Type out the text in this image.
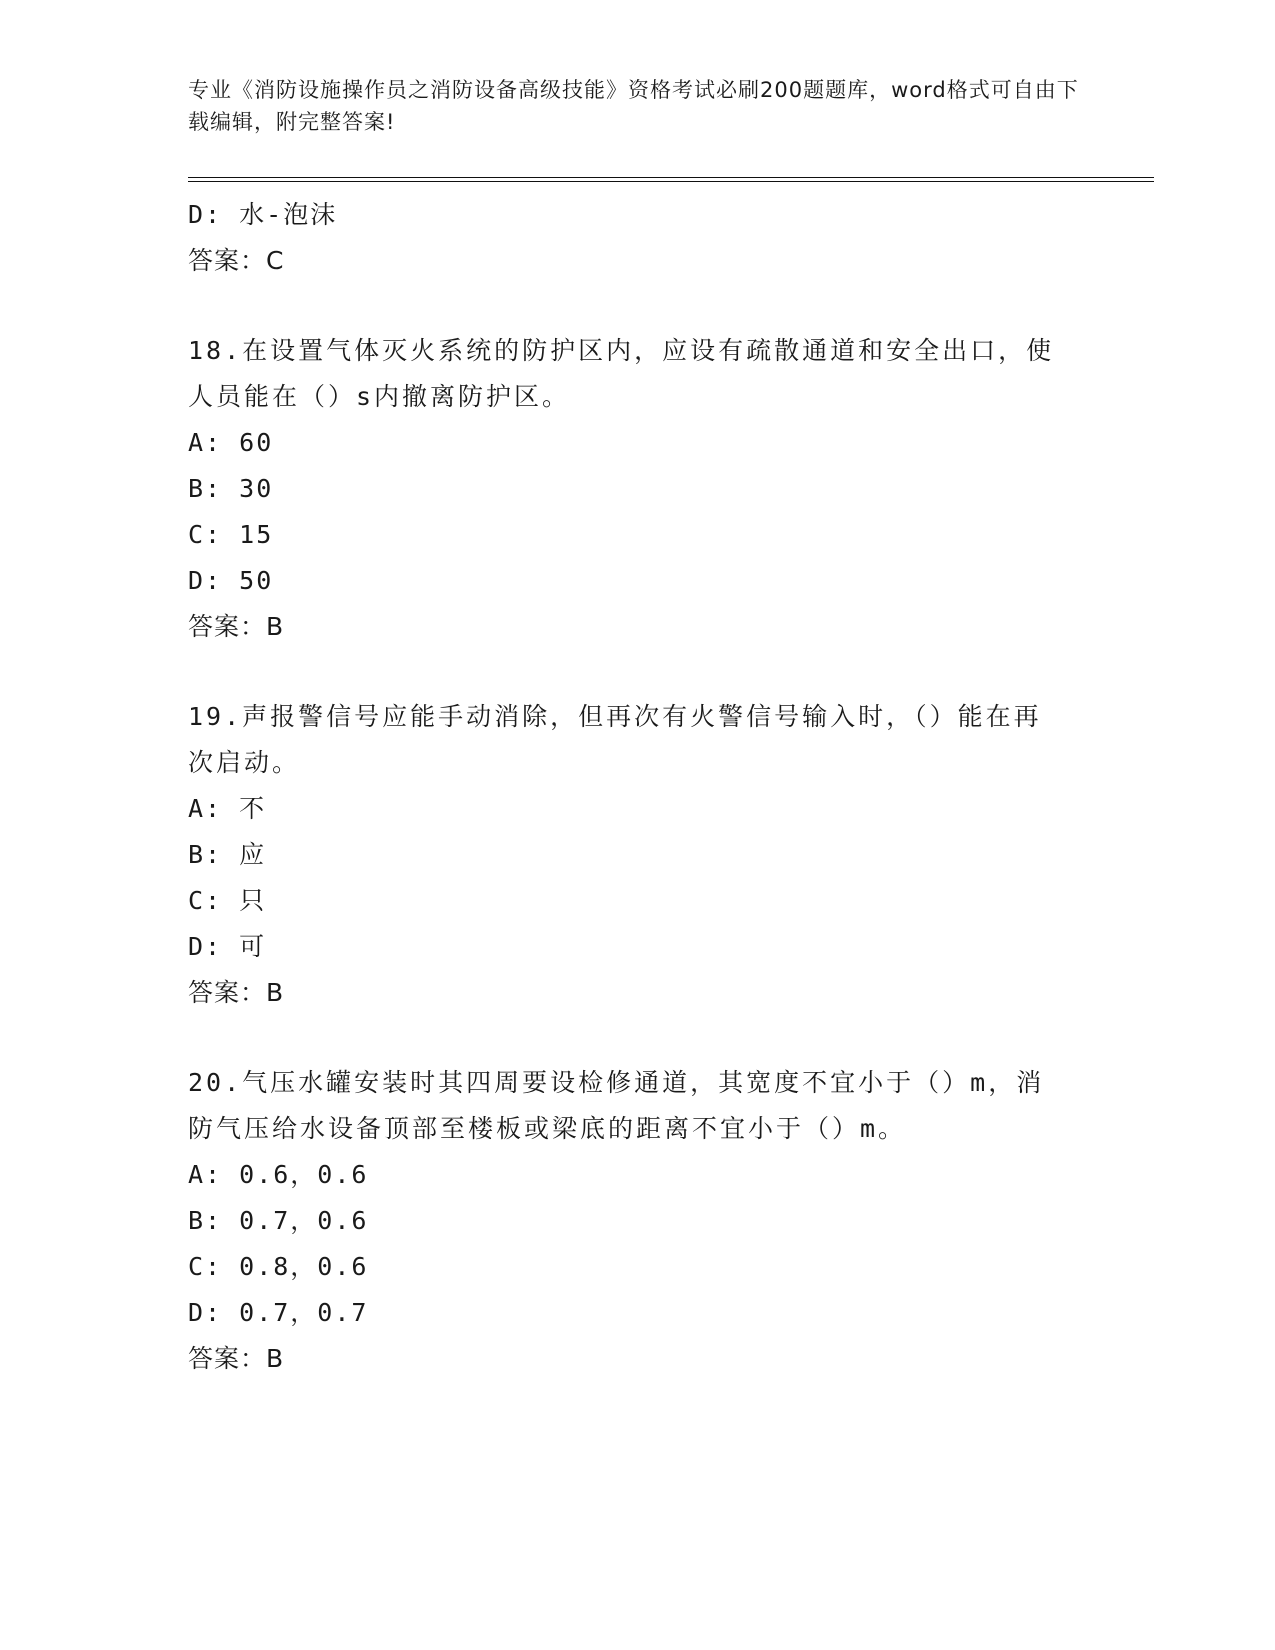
专业《消防设施操作员之消防设备高级技能》资格考试必刷200题题库，word格式可自由下载编辑，附完整答案!
D: 水-泡沫
答案：C
18.在设置气体灭火系统的防护区内，应设有疏散通道和安全出口，使人员能在（）s内撤离防护区。
A: 60
B: 30
C: 15
D: 50
答案：B
19.声报警信号应能手动消除，但再次有火警信号输入时，（）能在再次启动。
A: 不
B: 应
C: 只
D: 可
答案：B
20.气压水罐安装时其四周要设检修通道，其宽度不宜小于（）m，消防气压给水设备顶部至楼板或梁底的距离不宜小于（）m。
A: 0.6，0.6
B: 0.7，0.6
C: 0.8，0.6
D: 0.7，0.7
答案：B
